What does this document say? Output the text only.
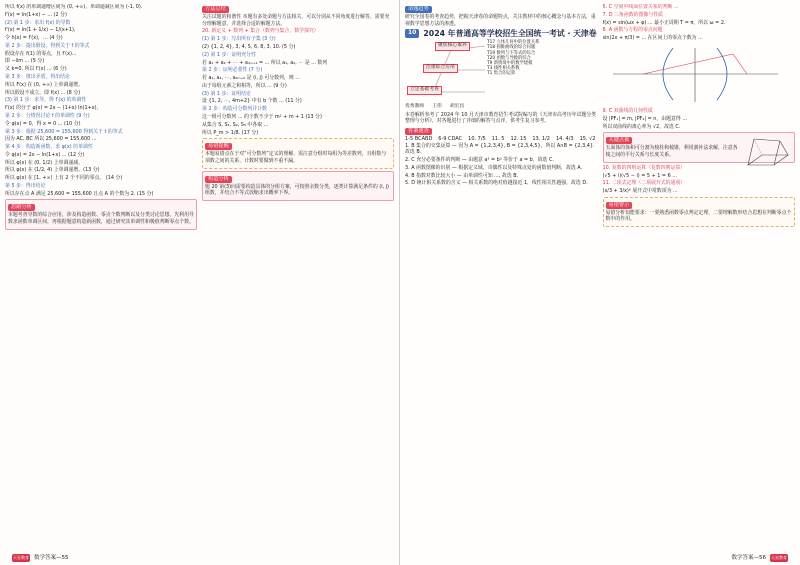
所以 f(x) 的单调递增区间为 (0, +∞)，单调递减区间为 (-1, 0).

f′(x) = ln(1+x) − ... (2 分)

(2) 第 1 步：求出 f(x) 的导数

f′(x) = ln(1 + 1/x) − 1/(x+1)，

令 h(x) = f′(x)，… (4 分)

第 2 步：提出假设，得到关于 f 的等式

假设存在 f(1) 的零点，且 f′(x)...

即 −lim ... (5 分)

又 k=0, 所以 f′(x) ... (6 分)

第 3 步：推出矛盾，得出结论

所以 F(x) 在 (0, +∞) 上单调递增。

所以假设不成立，即 f(x) ... (8 分)

(3) 第 1 步：求导，得 f′(x) 的单调性

f′(x) 的分子 φ(x) = 2x − (1+x) ln(1+x)，

第 2 步：分情况讨论 f 的单调性 (9 分)

令 φ(x) = 0，得 x = 0 ... (10 分)

第 3 步：根据 25,600 = 155,600 得到关于 t 的等式

因为 AC, BC 所以 25,600 = 155,600 ...

第 4 步：构造新函数，求 φ(x) 的单调性

令 φ(x) = 2x − ln(1+x) ... (12 分)

所以 φ(x) 在 (0, 1/2) 上单调递减，

所以 φ(x) 在 (1/2, 4) 上单调递增。(13 分)

所以 φ(x) 在 [1, +∞) 上有 2 个不同的零点。 (14 分)

第 5 步：得出结论

所以存在点 A 满足 25,600 = 155,600 且点 A 的个数为 2. (15 分)

思路分析

本题考查导数的综合应用，涉及构造函数、零点个数判断以及分类讨论思想。先利用导数求函数单调区间，再根据题意构造新函数，通过研究其单调性和极值判断零点个数。

方法总结

关注试题的和谐性 本题有多处命题与方法相关，可以分别从不同角度进行解答，需要充分理解题意，并选择合适的解题方法。

20. 新定义 + 数列 + 集合（数列与集合，数学探究）

(1) 第 1 步：写出所有子集 (3 分)

(2) {1, 2, 4}, 3, 4, 5, 6, 8, 3, 10. (5 分)

(2) 第 1 步：证明充分性

若 a₁ + a₂ + ⋯ + a₄ₘ₊₂ = ... 所以 a₁, a₂, ⋯ 是 ... 数列

第 2 步：证明必要性 (7 分)

若 a₁, a₂, ⋯, a₄ₘ₊₂ 是 (i, j) 可分数列，则 ...

由于每组元素之和相等，所以 ... (9 分)

(3) 第 1 步：证明结论

设 {1, 2, ⋯, 4m+2} 中有 b 个数 ... (11 分)

第 2 步：构造可分数列并计数

这一组可分数列 ... 的个数不少于 m² + m + 1 (13 分)

从集合 S, S₁, S₂, S₃ 中各取 ...

所以 P_m > 1/8. (17 分)

易错提醒

本题易错点在于对“可分数列”定义的理解，需注意分组时每组为等差数列，且组数与项数之间的关系，计数时要做到不重不漏。

构造分析

题 20 第(3)问需要构造具体的分组方案，可按照余数分类，逐类计算满足条件的 (i, j) 组数，并结合不等式放缩求出概率下界。

天星教育 数学答案—55
命题趋势

研究全国卷的考查趋势，把握天津卷的命题特点，关注教材中的核心概念与基本方法，重视数学思想方法的渗透。

10 2024 年普通高等学校招生全国统一考试 · 天津卷
聚焦核心素养
注重综合应用
立足基础考查
T17 立体几何中的位置关系
T18 圆锥曲线的综合问题
T19 数列与不等式的综合
T20 函数与导数的综合
T9 新情境中的数学建模
T3 线性相关系数
T1 集合的运算
优秀教师 王伟 胡宏昌

本卷解析参考了 2024 年 10 月天津市教育招生考试院编写的《天津市高考历年试题分类整理与分析》，对各题进行了详细的解答与点评，供考生复习参考。

答案速查
1-5 BCABD 6-9 CDAC 10. 7/5 11. 5 12. 15 13. 1/2 14. 4/3 15. √2

1. B 集合的交集运算 — 因为 A = {1,2,3,4}, B = {2,3,4,5}，所以 A∩B = {2,3,4}. 故选 B.

2. C 充分必要条件的判断 — 由题意 a³ = b³ 等价于 a = b，故选 C.

3. A 函数图像的识别 — 根据定义域、奇偶性以及特殊点处的函数值判断，故选 A.

4. B 指数对数比较大小 — 由单调性可知 ..., 故选 B.

5. D 统计相关系数的含义 — 相关系数的绝对值越接近 1，线性相关性越强，故选 D.

6. C 空间中线面位置关系的判断 ...

7. D 三角函数的图像与性质

f(x) = sin(ωx + φ) ... 最小正周期 T = π，所以 ω = 2.

8. A 函数与方程的零点问题

sin(2x + π/3) = ... 在区间上的零点个数为 ...

9. C 双曲线的几何性质

设 |PF₁| = m, |PF₂| = n，由题意得 ...

所以双曲线的离心率为 √2，故选 C.

关键点拨

五面体的体积可分割为棱柱和棱锥，利用割补法求解，注意各棱之间的平行关系与长度关系。

10. 复数的四则运算（复数四则运算）

(√5 + i)(√5 − i) = 5 + 1 = 6 ...

11. 二项式定理（二项展开式的通项）

(x/3 + 3/x)⁶ 展开式中常数项为 ...

易错警示

易错分析知能要求：一要熟悉函数零点判定定理，二要理解数形结合思想在判断零点个数中的作用。

数学答案—56 天星教育
